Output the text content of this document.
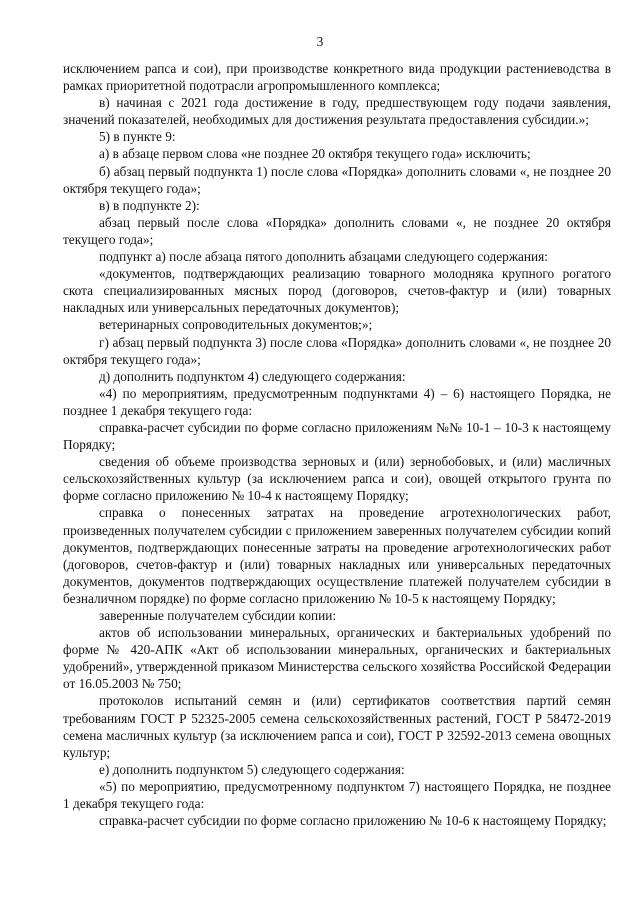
3

исключением рапса и сои), при производстве конкретного вида продукции растениеводства в рамках приоритетной подотрасли агропромышленного комплекса;

в) начиная с 2021 года достижение в году, предшествующем году подачи заявления, значений показателей, необходимых для достижения результата предоставления субсидии.»;

5) в пункте 9:

а) в абзаце первом слова «не позднее 20 октября текущего года» исключить;

б) абзац первый подпункта 1) после слова «Порядка» дополнить словами «, не позднее 20 октября текущего года»;

в) в подпункте 2):

абзац первый после слова «Порядка» дополнить словами «, не позднее 20 октября текущего года»;

подпункт а) после абзаца пятого дополнить абзацами следующего содержания:

«документов, подтверждающих реализацию товарного молодняка крупного рогатого скота специализированных мясных пород (договоров, счетов-фактур и (или) товарных накладных или универсальных передаточных документов);

ветеринарных сопроводительных документов;»;

г) абзац первый подпункта 3) после слова «Порядка» дополнить словами «, не позднее 20 октября текущего года»;

д) дополнить подпунктом 4) следующего содержания:

«4) по мероприятиям, предусмотренным подпунктами 4) – 6) настоящего Порядка, не позднее 1 декабря текущего года:

справка-расчет субсидии по форме согласно приложениям №№ 10-1 – 10-3 к настоящему Порядку;

сведения об объеме производства зерновых и (или) зернобобовых, и (или) масличных сельскохозяйственных культур (за исключением рапса и сои), овощей открытого грунта по форме согласно приложению № 10-4 к настоящему Порядку;

справка о понесенных затратах на проведение агротехнологических работ, произведенных получателем субсидии с приложением заверенных получателем субсидии копий документов, подтверждающих понесенные затраты на проведение агротехнологических работ (договоров, счетов-фактур и (или) товарных накладных или универсальных передаточных документов, документов подтверждающих осуществление платежей получателем субсидии в безналичном порядке) по форме согласно приложению № 10-5 к настоящему Порядку;

заверенные получателем субсидии копии:

актов об использовании минеральных, органических и бактериальных удобрений по форме № 420-АПК «Акт об использовании минеральных, органических и бактериальных удобрений», утвержденной приказом Министерства сельского хозяйства Российской Федерации от 16.05.2003 № 750;

протоколов испытаний семян и (или) сертификатов соответствия партий семян требованиям ГОСТ Р 52325-2005 семена сельскохозяйственных растений, ГОСТ Р 58472-2019 семена масличных культур (за исключением рапса и сои), ГОСТ Р 32592-2013 семена овощных культур;

е) дополнить подпунктом 5) следующего содержания:

«5) по мероприятию, предусмотренному подпунктом 7) настоящего Порядка, не позднее 1 декабря текущего года:

справка-расчет субсидии по форме согласно приложению № 10-6 к настоящему Порядку;
